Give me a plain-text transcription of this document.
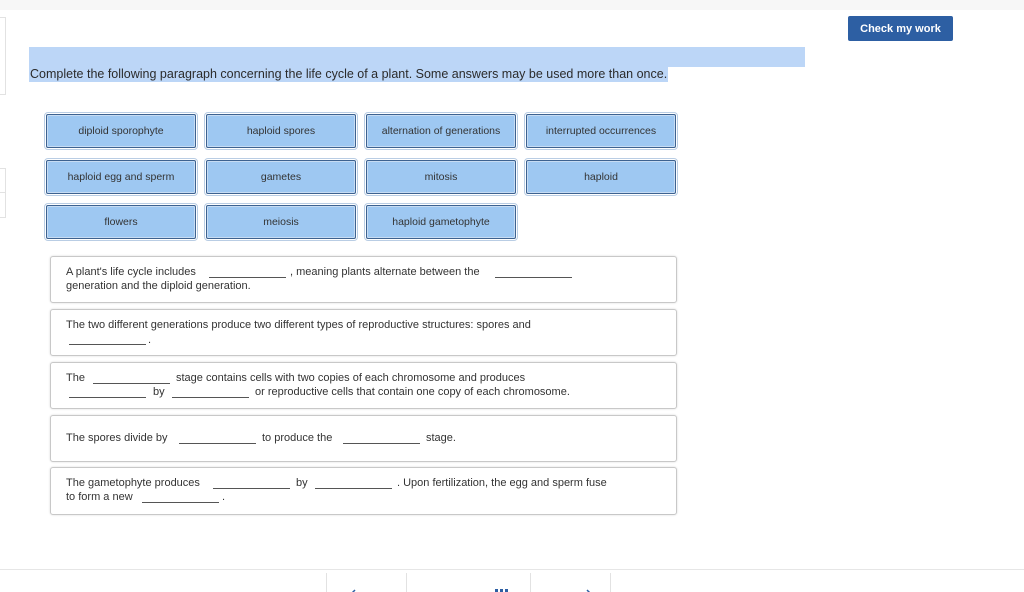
Check my work
Complete the following paragraph concerning the life cycle of a plant. Some answers may be used more than once.
diploid sporophyte	haploid spores	alternation of generations	interrupted occurrences
haploid egg and sperm	gametes	mitosis	haploid
flowers	meiosis	haploid gametophyte
A plant's life cycle includes	, meaning plants alternate between the
generation and the diploid generation.
The two different generations produce two different types of reproductive structures: spores and
.
The	stage contains cells with two copies of each chromosome and produces
by	or reproductive cells that contain one copy of each chromosome.
The spores divide by	to produce the	stage.
The gametophyte produces	by	. Upon fertilization, the egg and sperm fuse
to form a new	.
